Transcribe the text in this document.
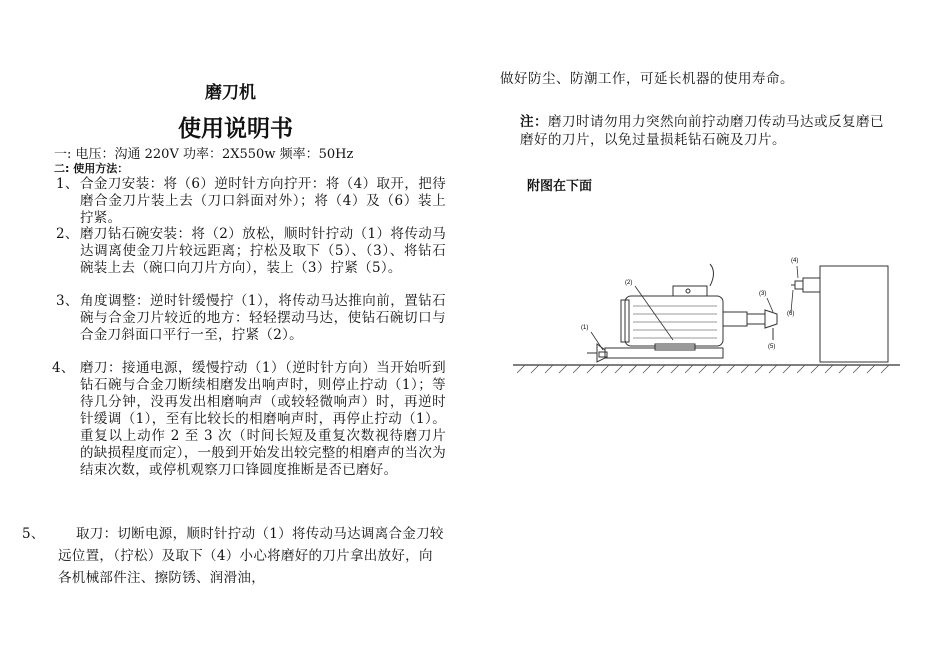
磨刀机
使用说明书
一: 电压：沟通 220V 功率：2X550w 频率：50Hz
二: 使用方法：
1、 合金刀安装：将（6）逆时针方向拧开：将（4）取开，把待磨合金刀片装上去（刀口斜面对外）；将（4）及（6）装上拧紧。
2、 磨刀钻石碗安装：将（2）放松，顺时针拧动（1）将传动马达调离使金刀片较远距离；拧松及取下（5）、（3）、将钻石碗装上去（碗口向刀片方向），装上（3）拧紧（5）。
3、 角度调整：逆时针缓慢拧（1），将传动马达推向前，置钻石碗与合金刀片较近的地方：轻轻摆动马达，使钻石碗切口与合金刀斜面口平行一至，拧紧（2）。
4、 磨刀：接通电源，缓慢拧动（1）（逆时针方向）当开始听到钻石碗与合金刀断续相磨发出响声时，则停止拧动（1）；等待几分钟，没再发出相磨响声（或较轻微响声）时，再逆时针缓调（1），至有比较长的相磨响声时，再停止拧动（1）。重复以上动作 2 至 3 次（时间长短及重复次数视待磨刀片的缺损程度而定），一般到开始发出较完整的相磨声的当次为结束次数，或停机观察刀口锋圆度推断是否已磨好。
5、	取刀：切断电源，顺时针拧动（1）将传动马达调离合金刀较远位置，（拧松）及取下（4）小心将磨好的刀片拿出放好，向各机械部件注、擦防锈、润滑油，
做好防尘、防潮工作，可延长机器的使用寿命。
注：磨刀时请勿用力突然向前拧动磨刀传动马达或反复磨已磨好的刀片，以免过量损耗钻石碗及刀片。
附图在下面
(2)
(1)
(3)
(4)
(5)
(6)
